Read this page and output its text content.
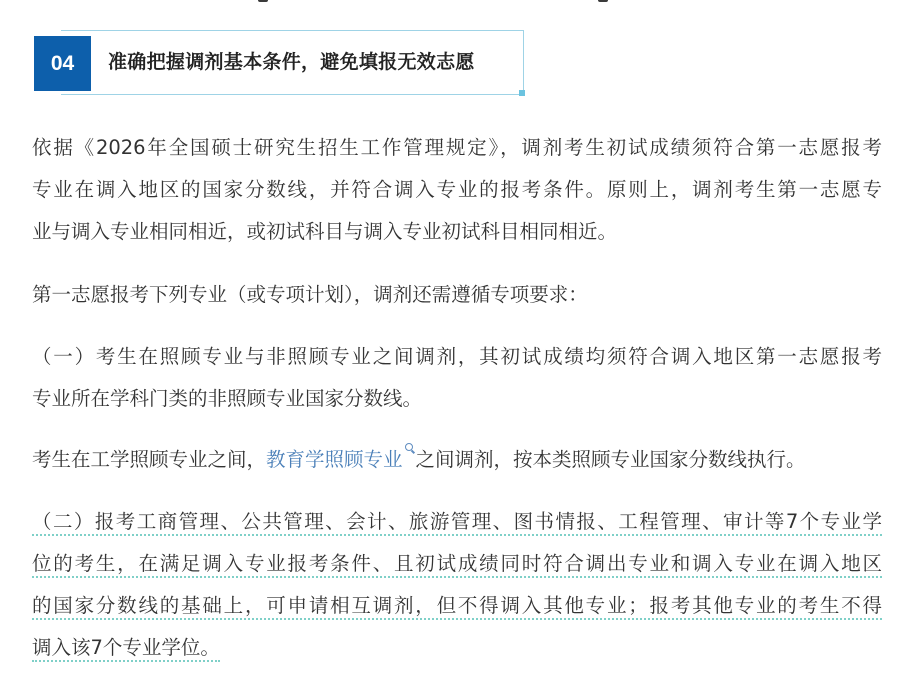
04	准确把握调剂基本条件，避免填报无效志愿
依据《2026年全国硕士研究生招生工作管理规定》，调剂考生初试成绩须符合第一志愿报考
专业在调入地区的国家分数线，并符合调入专业的报考条件。原则上，调剂考生第一志愿专
业与调入专业相同相近，或初试科目与调入专业初试科目相同相近。
第一志愿报考下列专业（或专项计划），调剂还需遵循专项要求：
（一）考生在照顾专业与非照顾专业之间调剂，其初试成绩均须符合调入地区第一志愿报考
专业所在学科门类的非照顾专业国家分数线。
考生在工学照顾专业之间，教育学照顾专业 之间调剂，按本类照顾专业国家分数线执行。
（二）报考工商管理、公共管理、会计、旅游管理、图书情报、工程管理、审计等7个专业学
位的考生，在满足调入专业报考条件、且初试成绩同时符合调出专业和调入专业在调入地区
的国家分数线的基础上，可申请相互调剂，但不得调入其他专业；报考其他专业的考生不得
调入该7个专业学位。
